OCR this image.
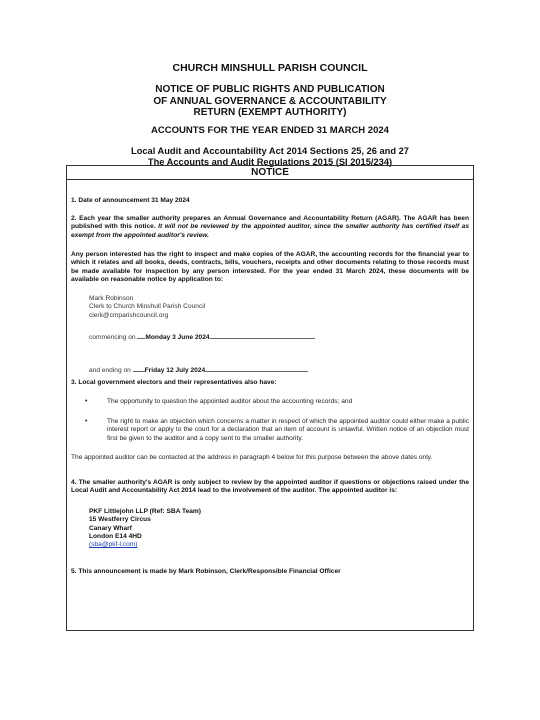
CHURCH MINSHULL PARISH COUNCIL
NOTICE OF PUBLIC RIGHTS AND PUBLICATION
OF ANNUAL GOVERNANCE & ACCOUNTABILITY
RETURN (EXEMPT AUTHORITY)
ACCOUNTS FOR THE YEAR ENDED 31 MARCH 2024
Local Audit and Accountability Act 2014 Sections 25, 26 and 27
The Accounts and Audit Regulations 2015 (SI 2015/234)
NOTICE
1. Date of announcement 31 May 2024
2. Each year the smaller authority prepares an Annual Governance and Accountability Return (AGAR). The AGAR has been published with this notice. It will not be reviewed by the appointed auditor, since the smaller authority has certified itself as exempt from the appointed auditor's review.
Any person interested has the right to inspect and make copies of the AGAR, the accounting records for the financial year to which it relates and all books, deeds, contracts, bills, vouchers, receipts and other documents relating to those records must be made available for inspection by any person interested. For the year ended 31 March 2024, these documents will be available on reasonable notice by application to:
Mark Robinson
Clerk to Church Minshull Parish Council
clerk@cmparishcouncil.org
commencing on Monday 3 June 2024
and ending on Friday 12 July 2024
3. Local government electors and their representatives also have:
•	The opportunity to question the appointed auditor about the accounting records; and
•	The right to make an objection which concerns a matter in respect of which the appointed auditor could either make a public interest report or apply to the court for a declaration that an item of account is unlawful. Written notice of an objection must first be given to the auditor and a copy sent to the smaller authority.
The appointed auditor can be contacted at the address in paragraph 4 below for this purpose between the above dates only.
4. The smaller authority's AGAR is only subject to review by the appointed auditor if questions or objections raised under the Local Audit and Accountability Act 2014 lead to the involvement of the auditor. The appointed auditor is:
PKF Littlejohn LLP (Ref: SBA Team)
15 Westferry Circus
Canary Wharf
London E14 4HD
(sba@pkf-l.com)
5. This announcement is made by Mark Robinson, Clerk/Responsible Financial Officer
